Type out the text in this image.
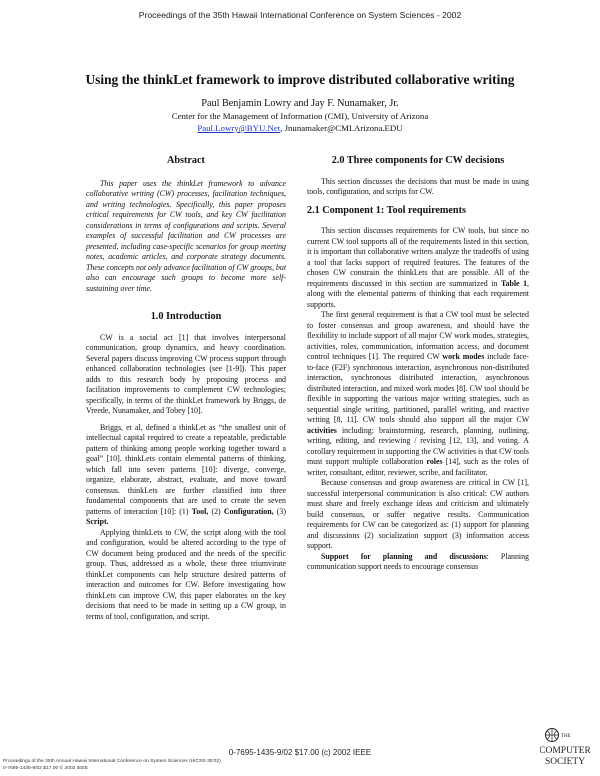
Proceedings of the 35th Hawaii International Conference on System Sciences - 2002
Using the thinkLet framework to improve distributed collaborative writing
Paul Benjamin Lowry and Jay F. Nunamaker, Jr.
Center for the Management of Information (CMI), University of Arizona
Paul.Lowry@BYU.Net, Jnunamaker@CMI.Arizona.EDU
Abstract

This paper uses the thinkLet framework to advance collaborative writing (CW) processes, facilitation techniques, and writing technologies. Specifically, this paper proposes critical requirements for CW tools, and key CW facilitation considerations in terms of configurations and scripts. Several examples of successful facilitation and CW processes are presented, including case-specific scenarios for group meeting notes, academic articles, and corporate strategy documents. These concepts not only advance facilitation of CW groups, but also can encourage such groups to become more self-sustaining over time.

1.0 Introduction

CW is a social act [1] that involves interpersonal communication, group dynamics, and heavy coordination. Several papers discuss improving CW process support through enhanced collaboration technologies (see [1-9]). This paper adds to this research body by proposing process and facilitation improvements to complement CW technologies; specifically, in terms of the thinkLet framework by Briggs, de Vreede, Nunamaker, and Tobey [10].

Briggs, et al, defined a thinkLet as “the smallest unit of intellectual capital required to create a repeatable, predictable pattern of thinking among people working together toward a goal” [10]. thinkLets contain elemental patterns of thinking, which fall into seven patterns [10]: diverge, converge, organize, elaborate, abstract, evaluate, and move toward consensus. thinkLets are further classified into three fundamental components that are used to create the seven patterns of interaction [10]: (1) Tool, (2) Configuration, (3) Script.

Applying thinkLets to CW, the script along with the tool and configuration, would be altered according to the type of CW document being produced and the needs of the specific group. Thus, addressed as a whole, these three triumvirate thinkLet components can help structure desired patterns of interaction and outcomes for CW. Before investigating how thinkLets can improve CW, this paper elaborates on the key decisions that need to be made in setting up a CW group, in terms of tool, configuration, and script.

2.0 Three components for CW decisions

This section discusses the decisions that must be made in using tools, configuration, and scripts for CW.

2.1 Component 1: Tool requirements

This section discusses requirements for CW tools, but since no current CW tool supports all of the requirements listed in this section, it is important that collaborative writers analyze the tradeoffs of using a tool that lacks support of required features. The features of the chosen CW constrain the thinkLets that are possible. All of the requirements discussed in this section are summarized in Table 1, along with the elemental patterns of thinking that each requirement supports.

The first general requirement is that a CW tool must be selected to foster consensus and group awareness, and should have the flexibility to include support of all major CW work modes, strategies, activities, roles, communication, information access, and document control techniques [1]. The required CW work modes include face-to-face (F2F) synchronous interaction, asynchronous non-distributed interaction, synchronous distributed interaction, asynchronous distributed interaction, and mixed work modes [8]. CW tool should be flexible in supporting the various major writing strategies, such as sequential single writing, partitioned, parallel writing, and reactive writing [8, 11]. CW tools should also support all the major CW activities including: brainstorming, research, planning, outlining, writing, editing, and reviewing / revising [12, 13], and voting. A corollary requirement in supporting the CW activities is that CW tools must support multiple collaboration roles [14], such as the roles of writer, consultant, editor, reviewer, scribe, and facilitator.

Because consensus and group awareness are critical in CW [1], successful interpersonal communication is also critical: CW authors must share and freely exchange ideas and criticism and ultimately build consensus, or suffer negative results. Communication requirements for CW can be categorized as: (1) support for planning and discussions (2) socialization support (3) information access support.

Support for planning and discussions: Planning communication support needs to encourage consensus

0-7695-1435-9/02 $17.00 (c) 2002 IEEE
Proceedings of the 35th Annual Hawaii International Conference on System Sciences (HICSS-35’02)
0-7695-1435-9/02 $17.00 © 2002 IEEE
THE
COMPUTER
SOCIETY
